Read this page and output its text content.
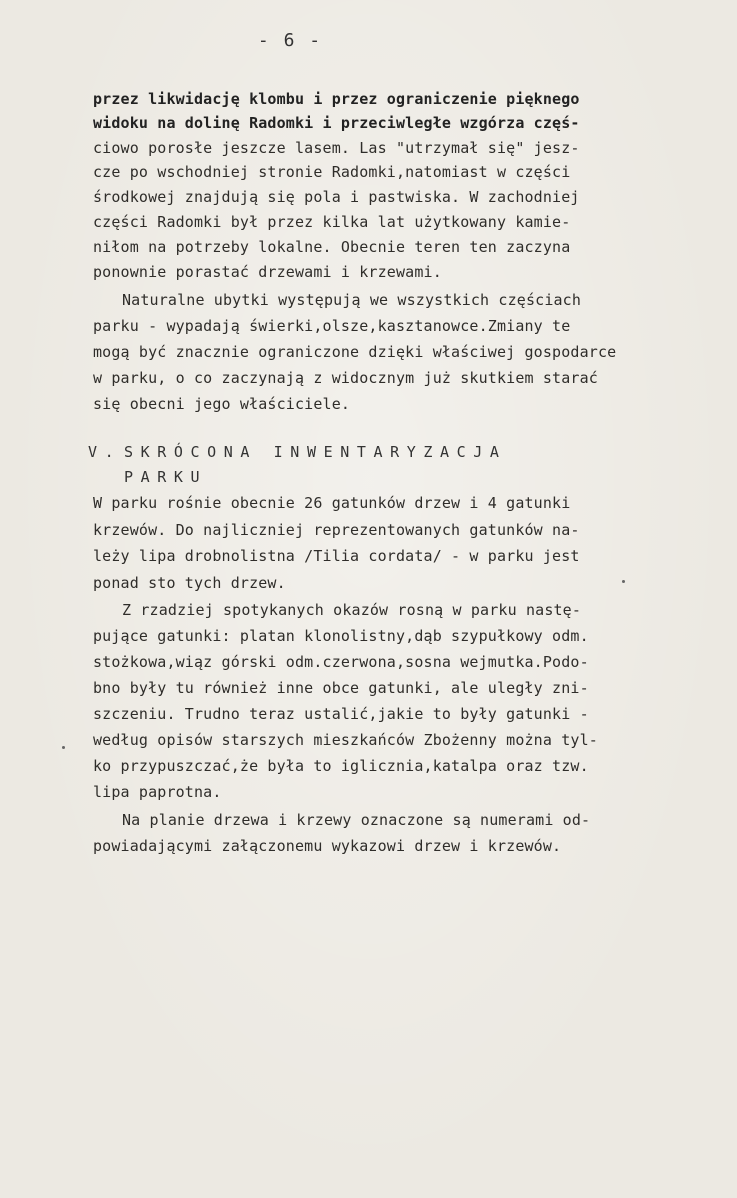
- 6 -
przez likwidację klombu i przez ograniczenie pięknego
widoku na dolinę Radomki i przeciwległe wzgórza częś-
ciowo porosłe jeszcze lasem. Las "utrzymał się" jesz-
cze po wschodniej stronie Radomki,natomiast w części
środkowej znajdują się pola i pastwiska. W zachodniej
części Radomki był przez kilka lat użytkowany kamie-
niłom na potrzeby lokalne. Obecnie teren ten zaczyna
ponownie porastać drzewami i krzewami.
Naturalne ubytki występują we wszystkich częściach
parku - wypadają świerki,olsze,kasztanowce.Zmiany te
mogą być znacznie ograniczone dzięki właściwej gospodarce
w parku, o co zaczynają z widocznym już skutkiem starać
się obecni jego właściciele.
V. SKRÓCONA INWENTARYZACJA
PARKU
W parku rośnie obecnie 26 gatunków drzew i 4 gatunki
krzewów. Do najliczniej reprezentowanych gatunków na-
leży lipa drobnolistna /Tilia cordata/ - w parku jest
ponad sto tych drzew.
Z rzadziej spotykanych okazów rosną w parku nastę-
pujące gatunki: platan klonolistny,dąb szypułkowy odm.
stożkowa,wiąz górski odm.czerwona,sosna wejmutka.Podo-
bno były tu również inne obce gatunki, ale uległy zni-
szczeniu. Trudno teraz ustalić,jakie to były gatunki -
według opisów starszych mieszkańców Zbożenny można tyl-
ko przypuszczać,że była to iglicznia,katalpa oraz tzw.
lipa paprotna.
Na planie drzewa i krzewy oznaczone są numerami od-
powiadającymi załączonemu wykazowi drzew i krzewów.
